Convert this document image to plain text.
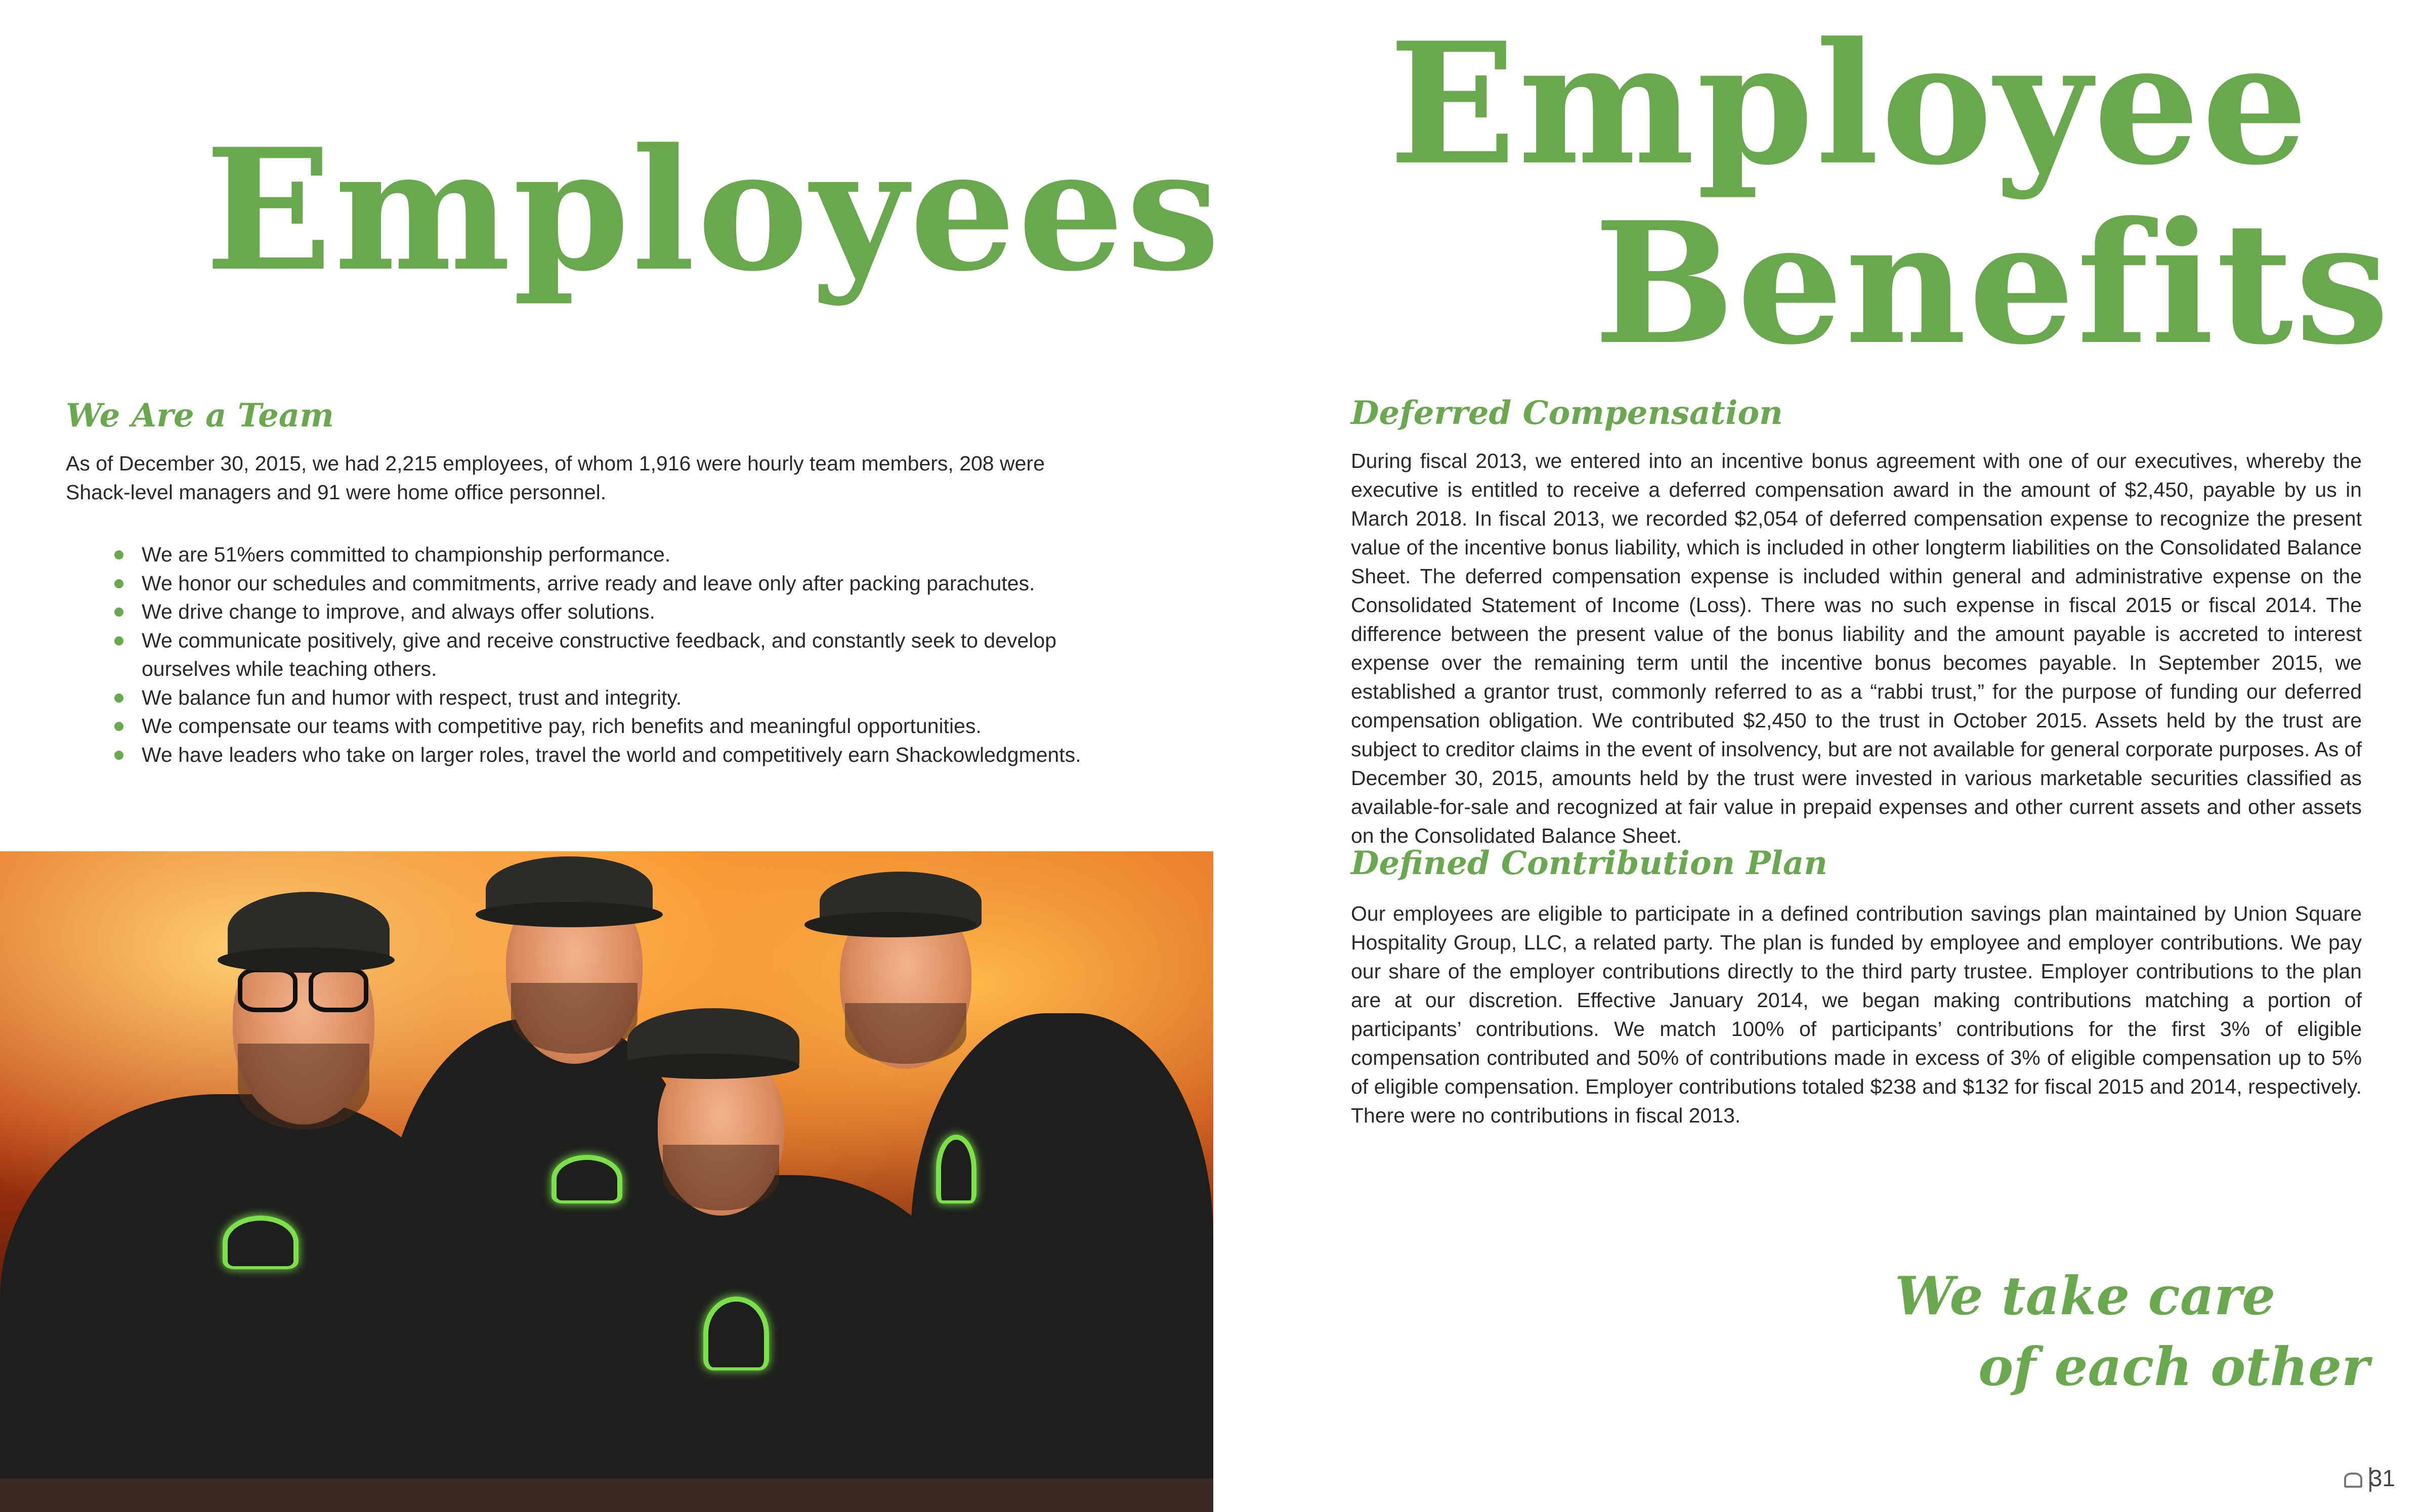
Employees
We Are a Team
As of December 30, 2015, we had 2,215 employees, of whom 1,916 were hourly team members, 208 were Shack-level managers and 91 were home office personnel.
We are 51%ers committed to championship performance.
We honor our schedules and commitments, arrive ready and leave only after packing parachutes.
We drive change to improve, and always offer solutions.
We communicate positively, give and receive constructive feedback, and constantly seek to develop ourselves while teaching others.
We balance fun and humor with respect, trust and integrity.
We compensate our teams with competitive pay, rich benefits and meaningful opportunities.
We have leaders who take on larger roles, travel the world and competitively earn Shackowledgments.
Employee
Benefits
Deferred Compensation
During fiscal 2013, we entered into an incentive bonus agreement with one of our executives, whereby the executive is entitled to receive a deferred compensation award in the amount of $2,450, payable by us in March 2018. In fiscal 2013, we recorded $2,054 of deferred compensation expense to recognize the present value of the incentive bonus liability, which is included in other longterm liabilities on the Consolidated Balance Sheet. The deferred compensation expense is included within general and administrative expense on the Consolidated Statement of Income (Loss). There was no such expense in fiscal 2015 or fiscal 2014. The difference between the present value of the bonus liability and the amount payable is accreted to interest expense over the remaining term until the incentive bonus becomes payable. In September 2015, we established a grantor trust, commonly referred to as a “rabbi trust,” for the purpose of funding our deferred compensation obligation. We contributed $2,450 to the trust in October 2015. Assets held by the trust are subject to creditor claims in the event of insolvency, but are not available for general corporate purposes. As of December 30, 2015, amounts held by the trust were invested in various marketable securities classified as available-for-sale and recognized at fair value in prepaid expenses and other current assets and other assets on the Consolidated Balance Sheet.
Defined Contribution Plan
Our employees are eligible to participate in a defined contribution savings plan maintained by Union Square Hospitality Group, LLC, a related party. The plan is funded by employee and employer contributions. We pay our share of the employer contributions directly to the third party trustee. Employer contributions to the plan are at our discretion. Effective January 2014, we began making contributions matching a portion of participants’ contributions. We match 100% of participants’ contributions for the first 3% of eligible compensation contributed and 50% of contributions made in excess of 3% of eligible compensation up to 5% of eligible compensation. Employer contributions totaled $238 and $132 for fiscal 2015 and 2014, respectively. There were no contributions in fiscal 2013.
We take care
of each other
31
